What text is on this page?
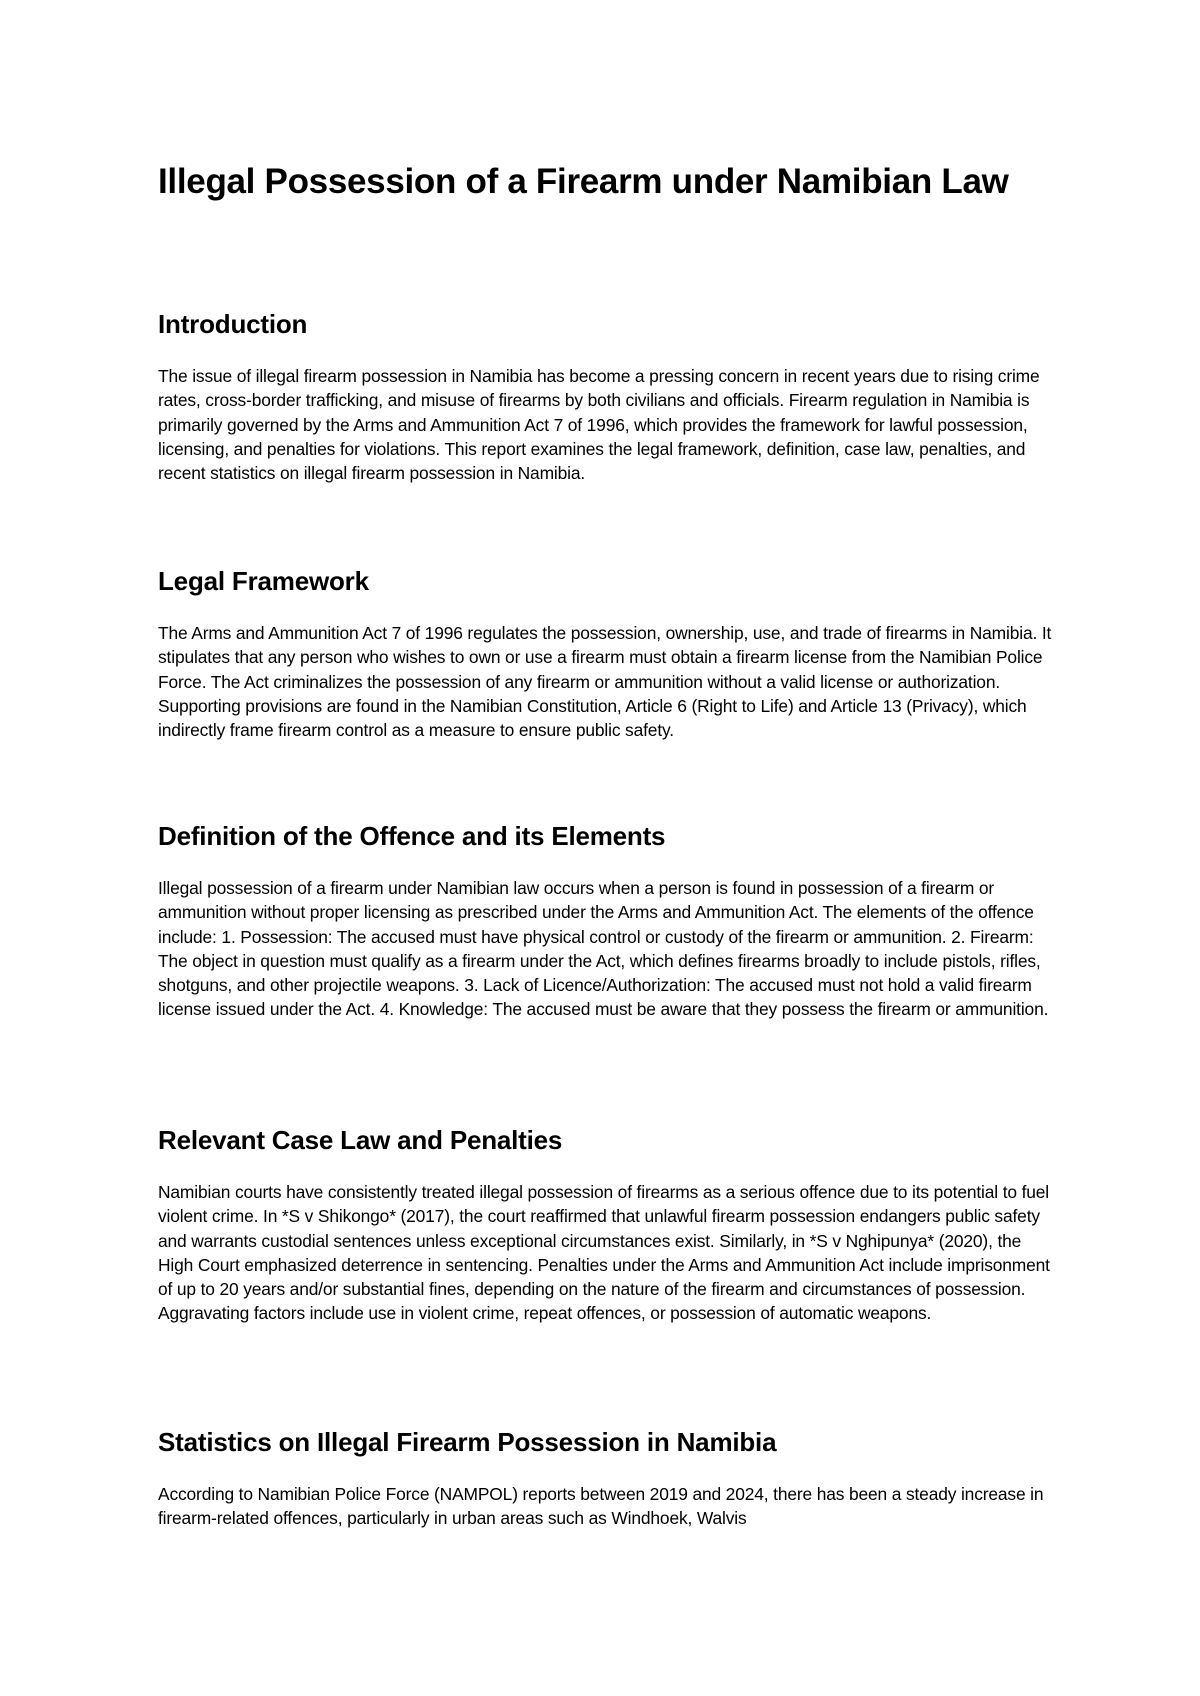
Illegal Possession of a Firearm under Namibian Law
Introduction

The issue of illegal firearm possession in Namibia has become a pressing concern in recent years due to rising crime rates, cross-border trafficking, and misuse of firearms by both civilians and officials. Firearm regulation in Namibia is primarily governed by the Arms and Ammunition Act 7 of 1996, which provides the framework for lawful possession, licensing, and penalties for violations. This report examines the legal framework, definition, case law, penalties, and recent statistics on illegal firearm possession in Namibia.

Legal Framework

The Arms and Ammunition Act 7 of 1996 regulates the possession, ownership, use, and trade of firearms in Namibia. It stipulates that any person who wishes to own or use a firearm must obtain a firearm license from the Namibian Police Force. The Act criminalizes the possession of any firearm or ammunition without a valid license or authorization. Supporting provisions are found in the Namibian Constitution, Article 6 (Right to Life) and Article 13 (Privacy), which indirectly frame firearm control as a measure to ensure public safety.

Definition of the Offence and its Elements

Illegal possession of a firearm under Namibian law occurs when a person is found in possession of a firearm or ammunition without proper licensing as prescribed under the Arms and Ammunition Act. The elements of the offence include: 1. Possession: The accused must have physical control or custody of the firearm or ammunition. 2. Firearm: The object in question must qualify as a firearm under the Act, which defines firearms broadly to include pistols, rifles, shotguns, and other projectile weapons. 3. Lack of Licence/Authorization: The accused must not hold a valid firearm license issued under the Act. 4. Knowledge: The accused must be aware that they possess the firearm or ammunition.

Relevant Case Law and Penalties

Namibian courts have consistently treated illegal possession of firearms as a serious offence due to its potential to fuel violent crime. In *S v Shikongo* (2017), the court reaffirmed that unlawful firearm possession endangers public safety and warrants custodial sentences unless exceptional circumstances exist. Similarly, in *S v Nghipunya* (2020), the High Court emphasized deterrence in sentencing. Penalties under the Arms and Ammunition Act include imprisonment of up to 20 years and/or substantial fines, depending on the nature of the firearm and circumstances of possession. Aggravating factors include use in violent crime, repeat offences, or possession of automatic weapons.

Statistics on Illegal Firearm Possession in Namibia

According to Namibian Police Force (NAMPOL) reports between 2019 and 2024, there has been a steady increase in firearm-related offences, particularly in urban areas such as Windhoek, Walvis
